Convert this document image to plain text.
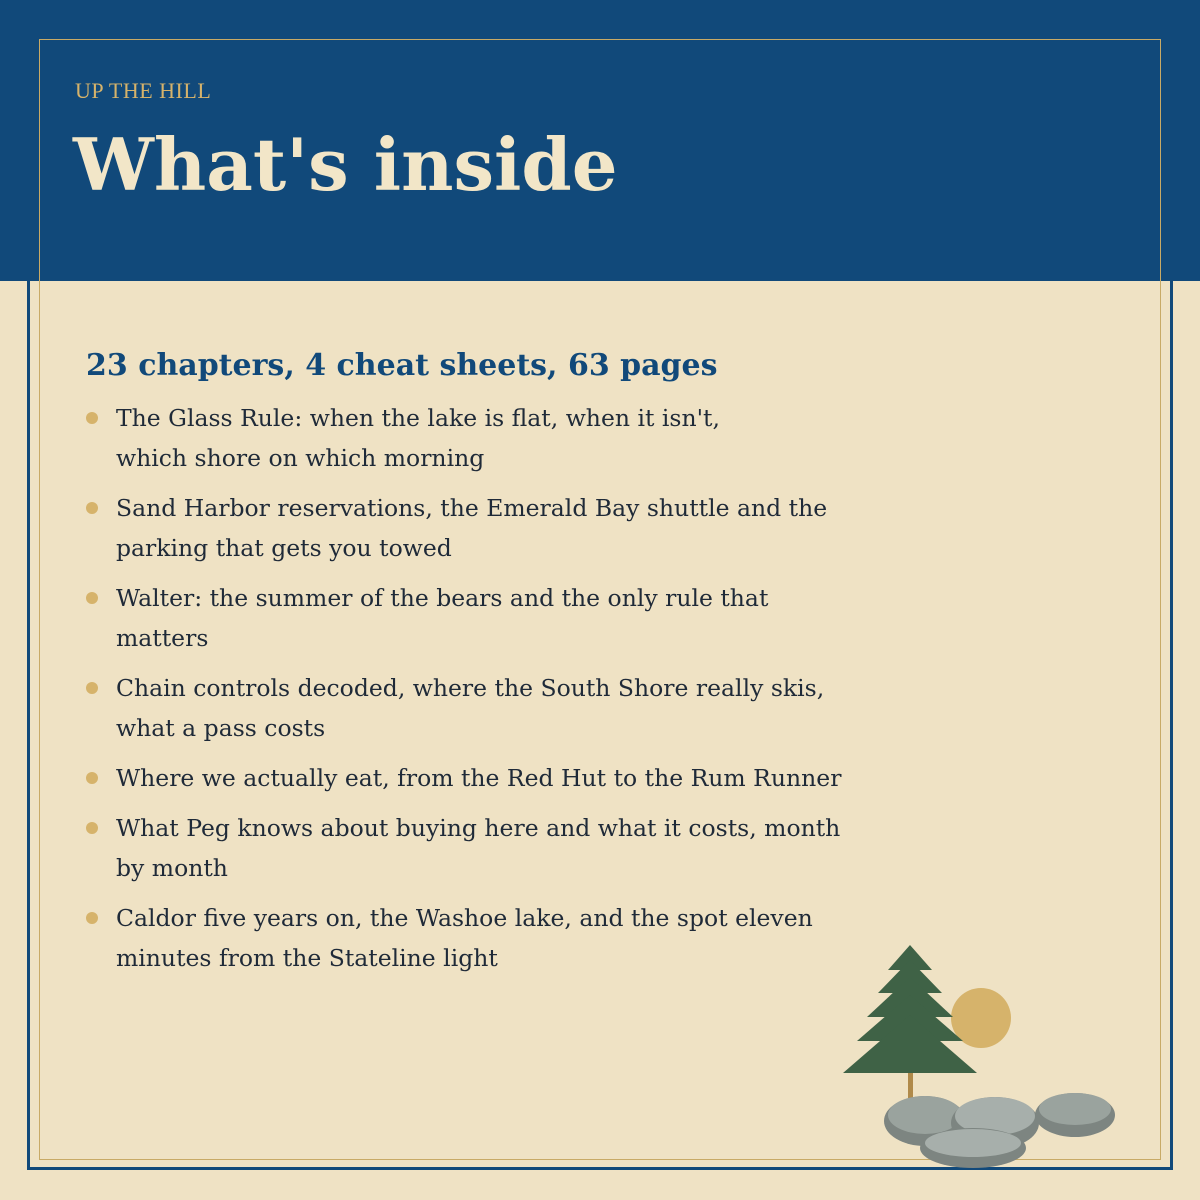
UP THE HILL

What's inside
23 chapters, 4 cheat sheets, 63 pages
The Glass Rule: when the lake is flat, when it isn't,
which shore on which morning
Sand Harbor reservations, the Emerald Bay shuttle and the
parking that gets you towed
Walter: the summer of the bears and the only rule that
matters
Chain controls decoded, where the South Shore really skis,
what a pass costs
Where we actually eat, from the Red Hut to the Rum Runner
What Peg knows about buying here and what it costs, month
by month
Caldor five years on, the Washoe lake, and the spot eleven
minutes from the Stateline light
